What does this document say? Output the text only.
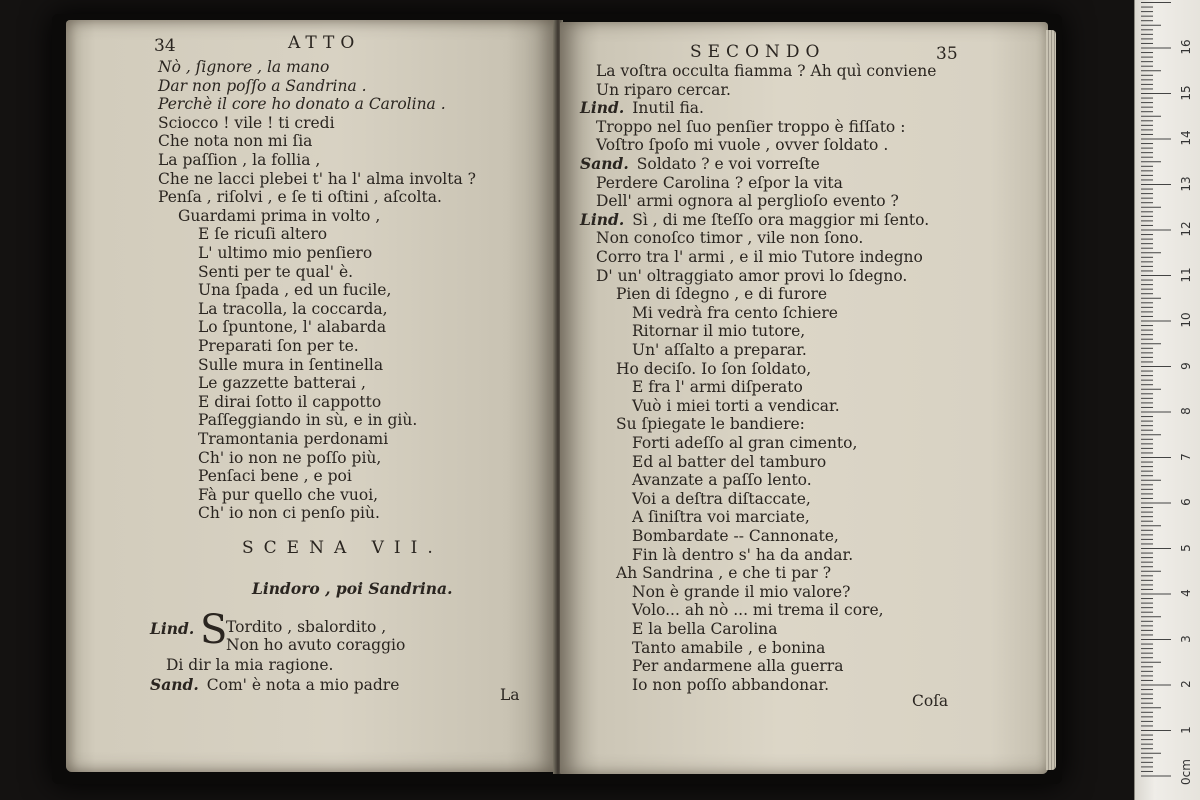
34	ATTO
Nò , ſignore , la mano
Dar non poſſo a Sandrina .
Perchè il core ho donato a Carolina .
Sciocco ! vile ! ti credi
Che nota non mi ſia
La paſſion , la follia ,
Che ne lacci plebei t' ha l' alma involta ?
Penſa , riſolvi , e ſe ti oſtini , aſcolta.
Guardami prima in volto ,
E ſe ricuſi altero
L' ultimo mio penſiero
Senti per te qual' è.
Una ſpada , ed un fucile,
La tracolla, la coccarda,
Lo ſpuntone, l' alabarda
Preparati ſon per te.
Sulle mura in ſentinella
Le gazzette batterai ,
E dirai ſotto il cappotto
Paſſeggiando in sù, e in giù.
Tramontania perdonami
Ch' io non ne poſſo più,
Penſaci bene , e poi
Fà pur quello che vuoi,
Ch' io non ci penſo più.
SCENA VII.
Lindoro , poi Sandrina.
Lind. S
Tordito , sbalordito ,
Non ho avuto coraggio
Di dir la mia ragione.
Sand. Com' è nota a mio padre
La
SECONDO	35
La voſtra occulta fiamma ? Ah quì conviene
Un riparo cercar.
Lind. Inutil fia.
Troppo nel ſuo penſier troppo è fiſſato :
Voſtro ſpoſo mi vuole , ovver ſoldato .
Sand. Soldato ? e voi vorreſte
Perdere Carolina ? eſpor la vita
Dell' armi ognora al perglioſo evento ?
Lind. Sì , di me ſteſſo ora maggior mi ſento.
Non conoſco timor , vile non ſono.
Corro tra l' armi , e il mio Tutore indegno
D' un' oltraggiato amor provi lo ſdegno.
Pien di ſdegno , e di furore
Mi vedrà fra cento ſchiere
Ritornar il mio tutore,
Un' aſſalto a preparar.
Ho deciſo. Io ſon ſoldato,
E fra l' armi diſperato
Vuò i miei torti a vendicar.
Su ſpiegate le bandiere:
Forti adeſſo al gran cimento,
Ed al batter del tamburo
Avanzate a paſſo lento.
Voi a deſtra diſtaccate,
A ſiniſtra voi marciate,
Bombardate -- Cannonate,
Fin là dentro s' ha da andar.
Ah Sandrina , e che ti par ?
Non è grande il mio valore?
Volo... ah nò ... mi trema il core,
E la bella Carolina
Tanto amabile , e bonina
Per andarmene alla guerra
Io non poſſo abbandonar.
Coſa
0cm
1
2
3
4
5
6
7
8
9
10
11
12
13
14
15
16
